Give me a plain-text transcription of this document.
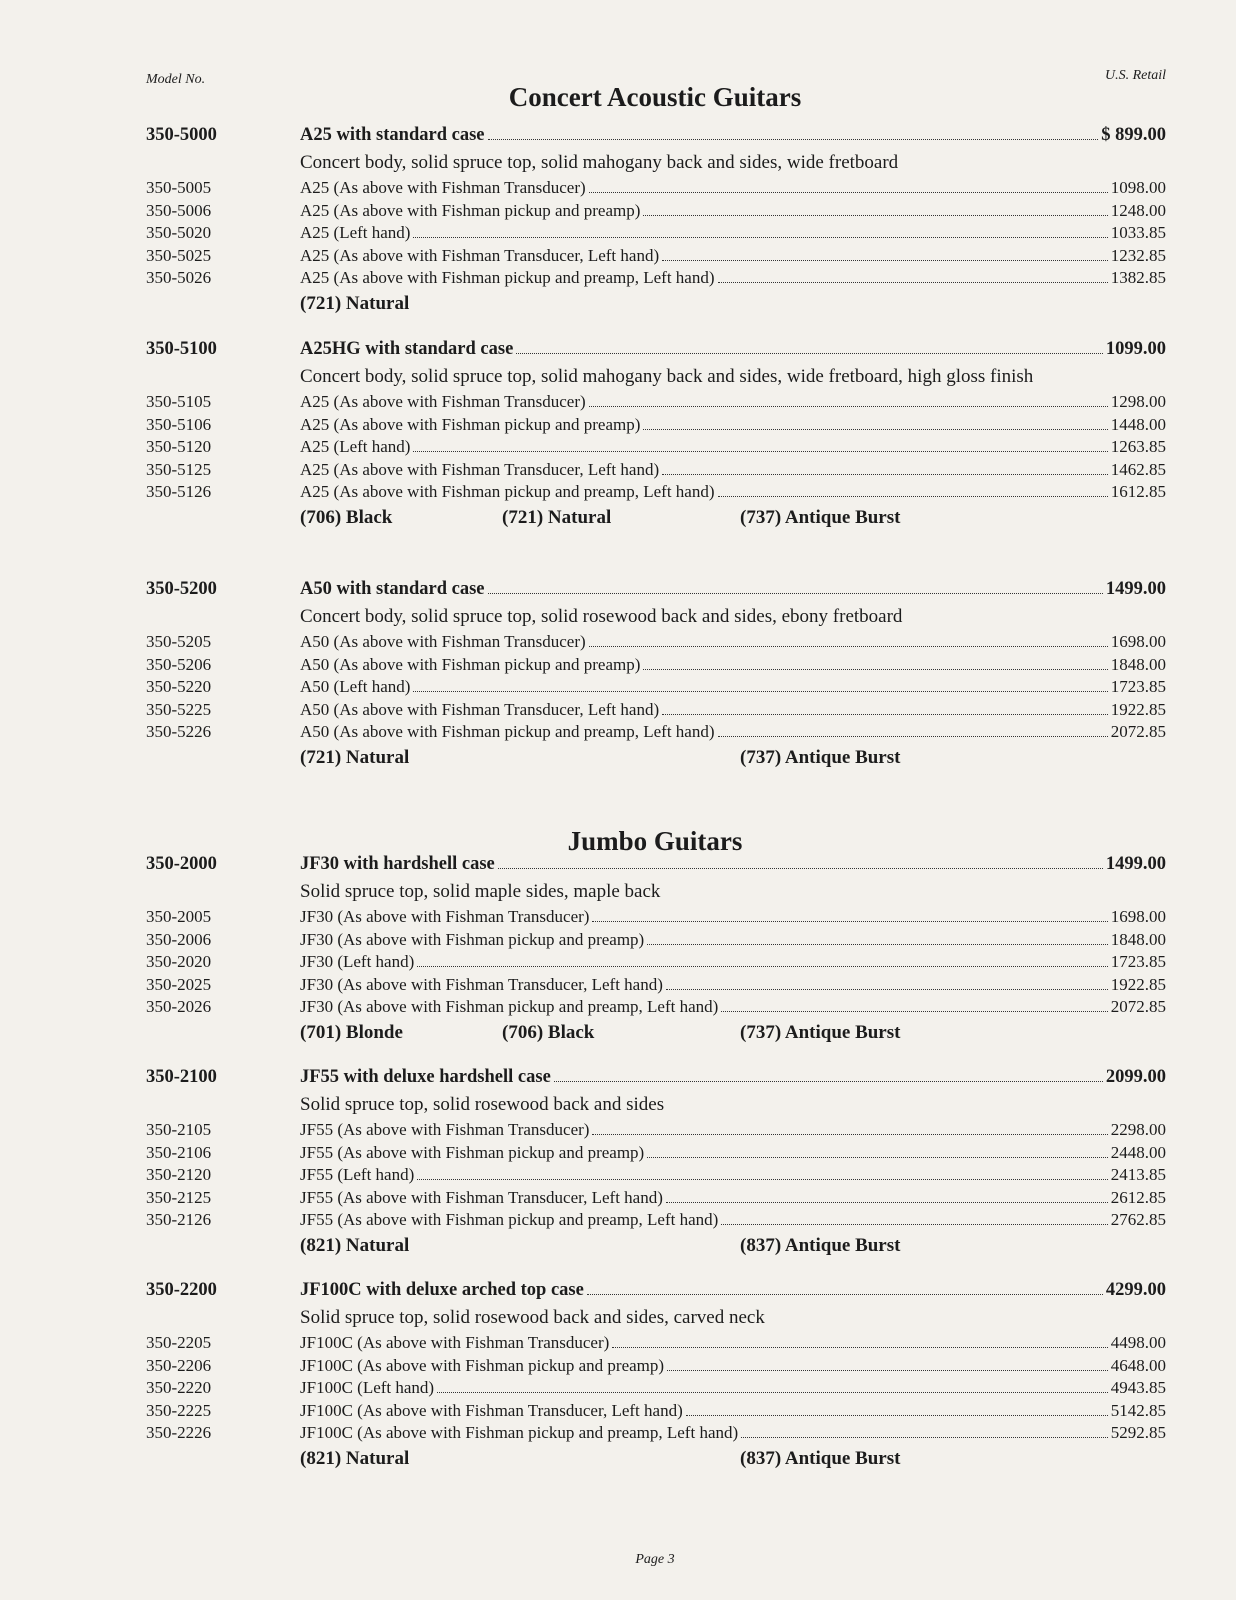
Model No.	U.S. Retail
Concert Acoustic Guitars
Jumbo Guitars
350-5000	A25 with standard case	$ 899.00
Concert body, solid spruce top, solid mahogany back and sides, wide fretboard
350-5005	A25 (As above with Fishman Transducer)	1098.00
350-5006	A25 (As above with Fishman pickup and preamp)	1248.00
350-5020	A25 (Left hand)	1033.85
350-5025	A25 (As above with Fishman Transducer, Left hand)	1232.85
350-5026	A25 (As above with Fishman pickup and preamp, Left hand)	1382.85
(721) Natural
350-5100	A25HG with standard case	1099.00
Concert body, solid spruce top, solid mahogany back and sides, wide fretboard, high gloss finish
350-5105	A25 (As above with Fishman Transducer)	1298.00
350-5106	A25 (As above with Fishman pickup and preamp)	1448.00
350-5120	A25 (Left hand)	1263.85
350-5125	A25 (As above with Fishman Transducer, Left hand)	1462.85
350-5126	A25 (As above with Fishman pickup and preamp, Left hand)	1612.85
(706) Black	(721) Natural	(737) Antique Burst
350-5200	A50 with standard case	1499.00
Concert body, solid spruce top, solid rosewood back and sides, ebony fretboard
350-5205	A50 (As above with Fishman Transducer)	1698.00
350-5206	A50 (As above with Fishman pickup and preamp)	1848.00
350-5220	A50 (Left hand)	1723.85
350-5225	A50 (As above with Fishman Transducer, Left hand)	1922.85
350-5226	A50 (As above with Fishman pickup and preamp, Left hand)	2072.85
(721) Natural	(737) Antique Burst
350-2000	JF30 with hardshell case	1499.00
Solid spruce top, solid maple sides, maple back
350-2005	JF30 (As above with Fishman Transducer)	1698.00
350-2006	JF30 (As above with Fishman pickup and preamp)	1848.00
350-2020	JF30 (Left hand)	1723.85
350-2025	JF30 (As above with Fishman Transducer, Left hand)	1922.85
350-2026	JF30 (As above with Fishman pickup and preamp, Left hand)	2072.85
(701) Blonde	(706) Black	(737) Antique Burst
350-2100	JF55 with deluxe hardshell case	2099.00
Solid spruce top, solid rosewood back and sides
350-2105	JF55 (As above with Fishman Transducer)	2298.00
350-2106	JF55 (As above with Fishman pickup and preamp)	2448.00
350-2120	JF55 (Left hand)	2413.85
350-2125	JF55 (As above with Fishman Transducer, Left hand)	2612.85
350-2126	JF55 (As above with Fishman pickup and preamp, Left hand)	2762.85
(821) Natural	(837) Antique Burst
350-2200	JF100C with deluxe arched top case	4299.00
Solid spruce top, solid rosewood back and sides, carved neck
350-2205	JF100C (As above with Fishman Transducer)	4498.00
350-2206	JF100C (As above with Fishman pickup and preamp)	4648.00
350-2220	JF100C (Left hand)	4943.85
350-2225	JF100C (As above with Fishman Transducer, Left hand)	5142.85
350-2226	JF100C (As above with Fishman pickup and preamp, Left hand)	5292.85
(821) Natural	(837) Antique Burst
Page 3
